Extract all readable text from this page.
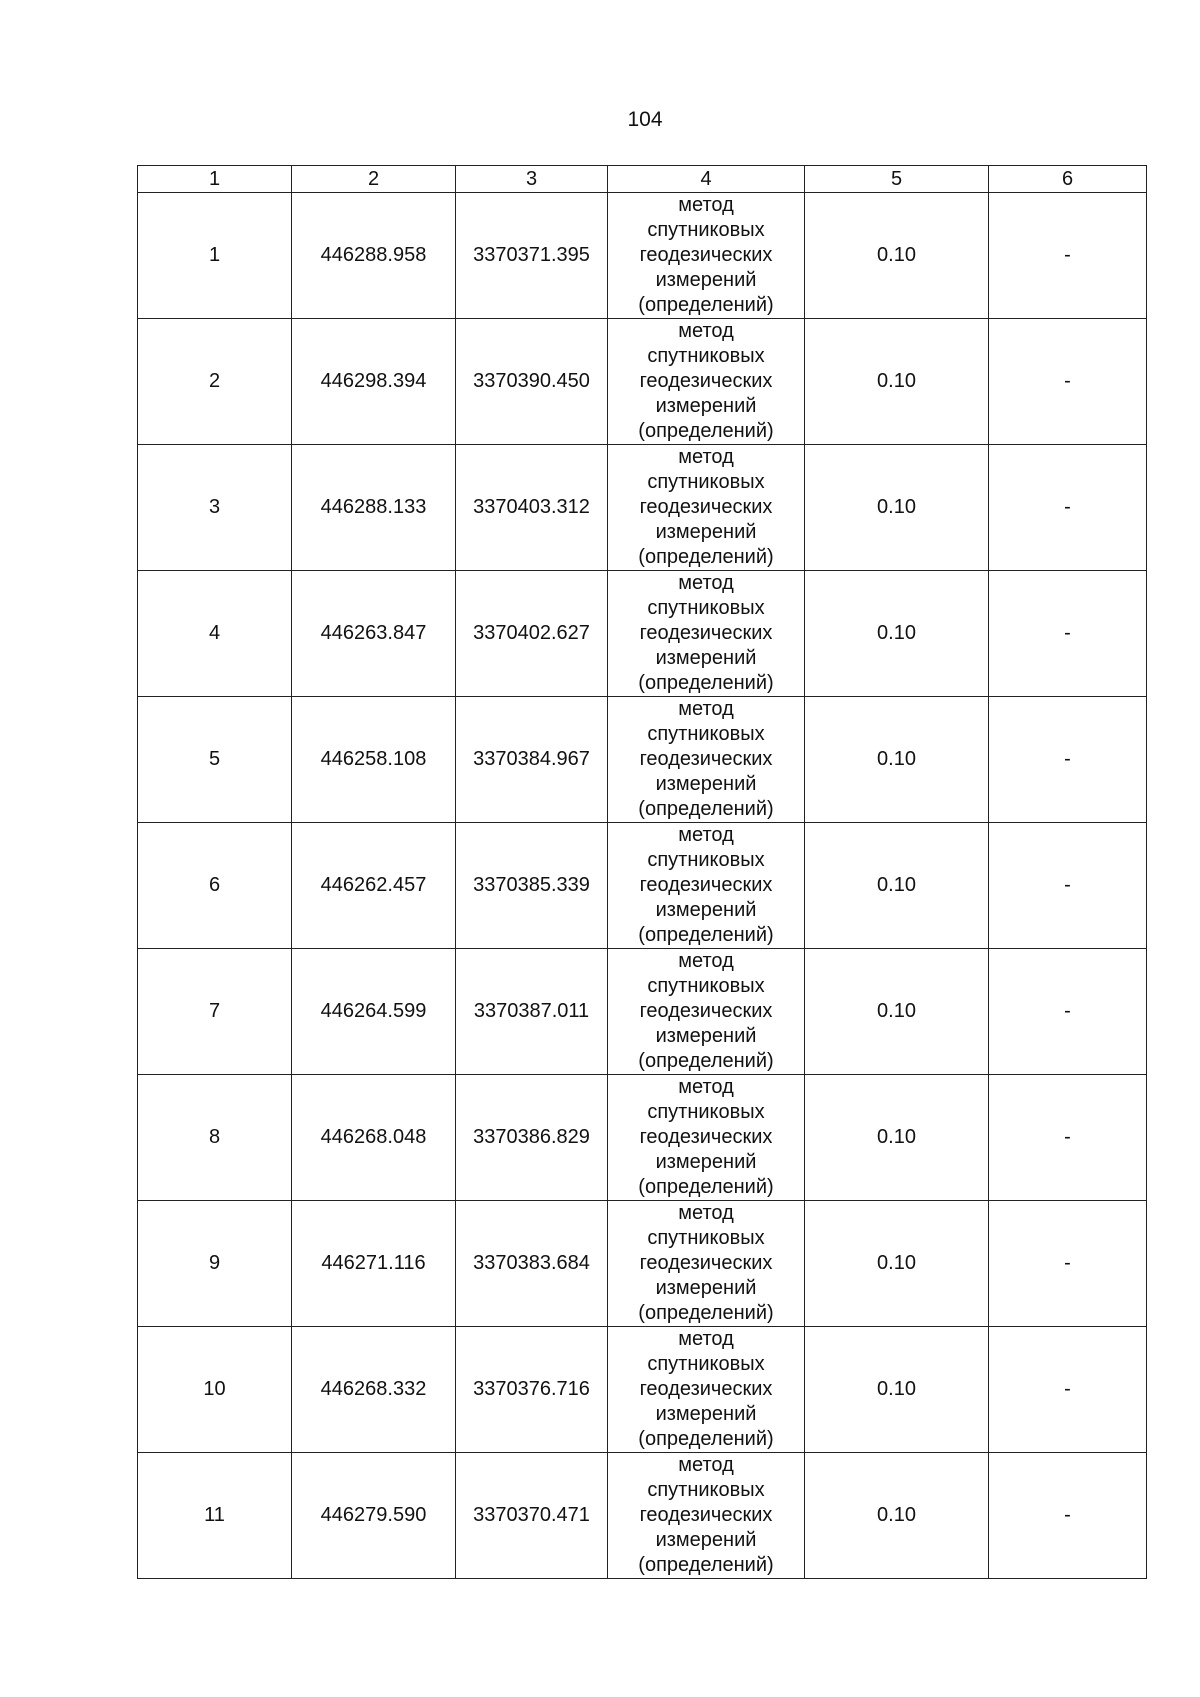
104
1	2	3	4	5	6
1	446288.958	3370371.395	метод
спутниковых
геодезических
измерений
(определений)	0.10	-
2	446298.394	3370390.450	метод
спутниковых
геодезических
измерений
(определений)	0.10	-
3	446288.133	3370403.312	метод
спутниковых
геодезических
измерений
(определений)	0.10	-
4	446263.847	3370402.627	метод
спутниковых
геодезических
измерений
(определений)	0.10	-
5	446258.108	3370384.967	метод
спутниковых
геодезических
измерений
(определений)	0.10	-
6	446262.457	3370385.339	метод
спутниковых
геодезических
измерений
(определений)	0.10	-
7	446264.599	3370387.011	метод
спутниковых
геодезических
измерений
(определений)	0.10	-
8	446268.048	3370386.829	метод
спутниковых
геодезических
измерений
(определений)	0.10	-
9	446271.116	3370383.684	метод
спутниковых
геодезических
измерений
(определений)	0.10	-
10	446268.332	3370376.716	метод
спутниковых
геодезических
измерений
(определений)	0.10	-
11	446279.590	3370370.471	метод
спутниковых
геодезических
измерений
(определений)	0.10	-
